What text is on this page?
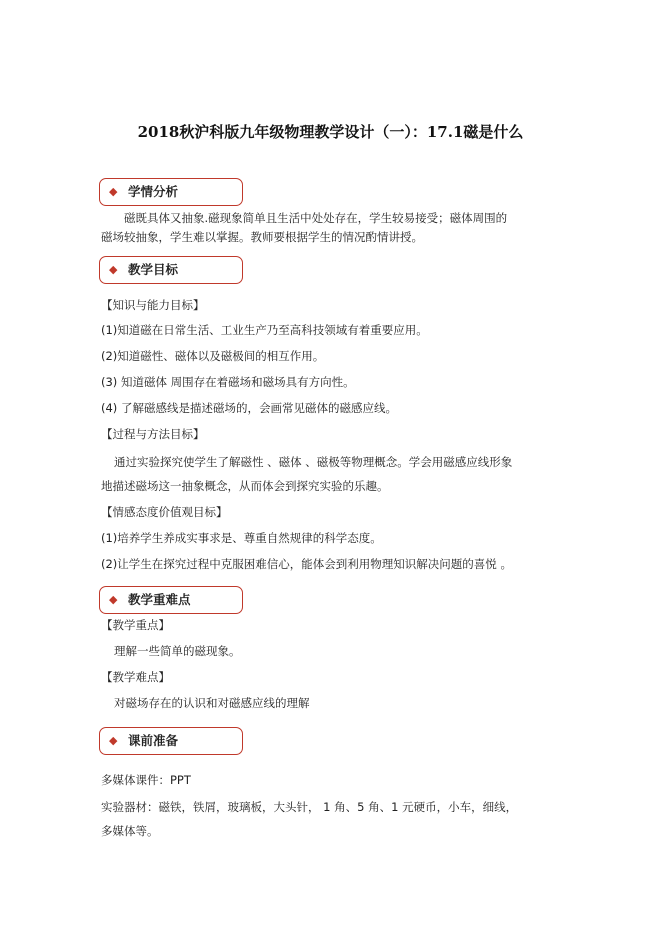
2018秋沪科版九年级物理教学设计（一）：17.1磁是什么
◆ 学情分析
磁既具体又抽象.磁现象简单且生活中处处存在，学生较易接受；磁体周围的
磁场较抽象，学生难以掌握。教师要根据学生的情况酌情讲授。
◆ 教学目标
【知识与能力目标】
(1)知道磁在日常生活、工业生产乃至高科技领域有着重要应用。
(2)知道磁性、磁体以及磁极间的相互作用。
(3) 知道磁体 周围存在着磁场和磁场具有方向性。
(4) 了解磁感线是描述磁场的，会画常见磁体的磁感应线。
【过程与方法目标】
通过实验探究使学生了解磁性 、磁体 、磁极等物理概念。学会用磁感应线形象
地描述磁场这一抽象概念，从而体会到探究实验的乐趣。
【情感态度价值观目标】
(1)培养学生养成实事求是、尊重自然规律的科学态度。
(2)让学生在探究过程中克服困难信心，能体会到利用物理知识解决问题的喜悦 。
◆ 教学重难点
【教学重点】
理解一些简单的磁现象。
【教学难点】
对磁场存在的认识和对磁感应线的理解
◆ 课前准备
多媒体课件：PPT
实验器材：磁铁，铁屑，玻璃板，大头针， 1 角、5 角、1 元硬币，小车，细线，
多媒体等。
